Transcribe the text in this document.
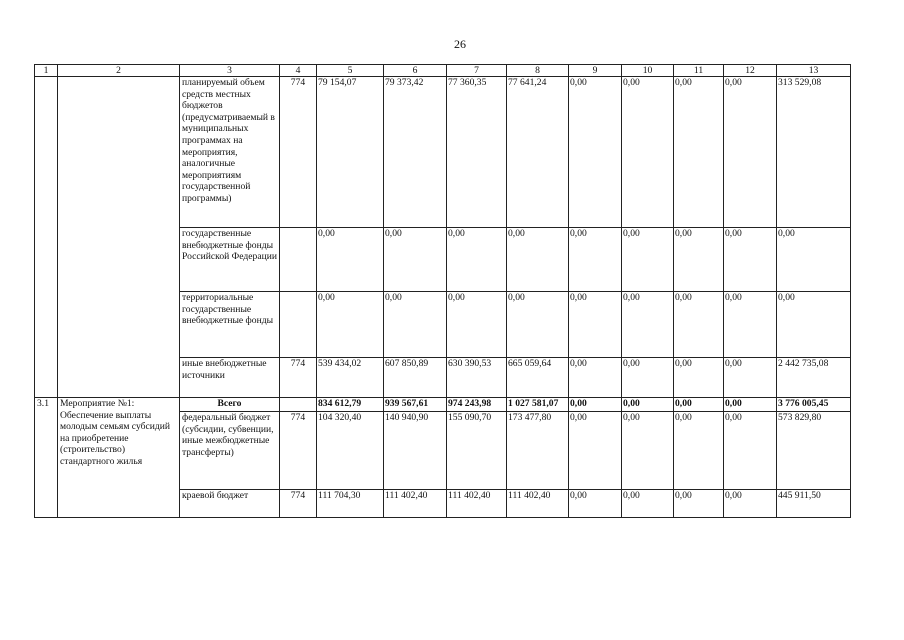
26
1	2	3	4	5	6	7	8	9	10	11	12	13
		планируемый объем средств местных бюджетов (предусматриваемый в муниципальных программах на мероприятия, аналогичные мероприятиям государственной программы)	774	79 154,07	79 373,42	77 360,35	77 641,24	0,00	0,00	0,00	0,00	313 529,08
		государственные внебюджетные фонды Российской Федерации		0,00	0,00	0,00	0,00	0,00	0,00	0,00	0,00	0,00
		территориальные государственные внебюджетные фонды		0,00	0,00	0,00	0,00	0,00	0,00	0,00	0,00	0,00
		иные внебюджетные источники	774	539 434,02	607 850,89	630 390,53	665 059,64	0,00	0,00	0,00	0,00	2 442 735,08
3.1	Мероприятие №1: Обеспечение выплаты молодым семьям субсидий на приобретение (строительство) стандартного жилья	Всего		834 612,79	939 567,61	974 243,98	1 027 581,07	0,00	0,00	0,00	0,00	3 776 005,45
		федеральный бюджет (субсидии, субвенции, иные межбюджетные трансферты)	774	104 320,40	140 940,90	155 090,70	173 477,80	0,00	0,00	0,00	0,00	573 829,80
		краевой бюджет	774	111 704,30	111 402,40	111 402,40	111 402,40	0,00	0,00	0,00	0,00	445 911,50
